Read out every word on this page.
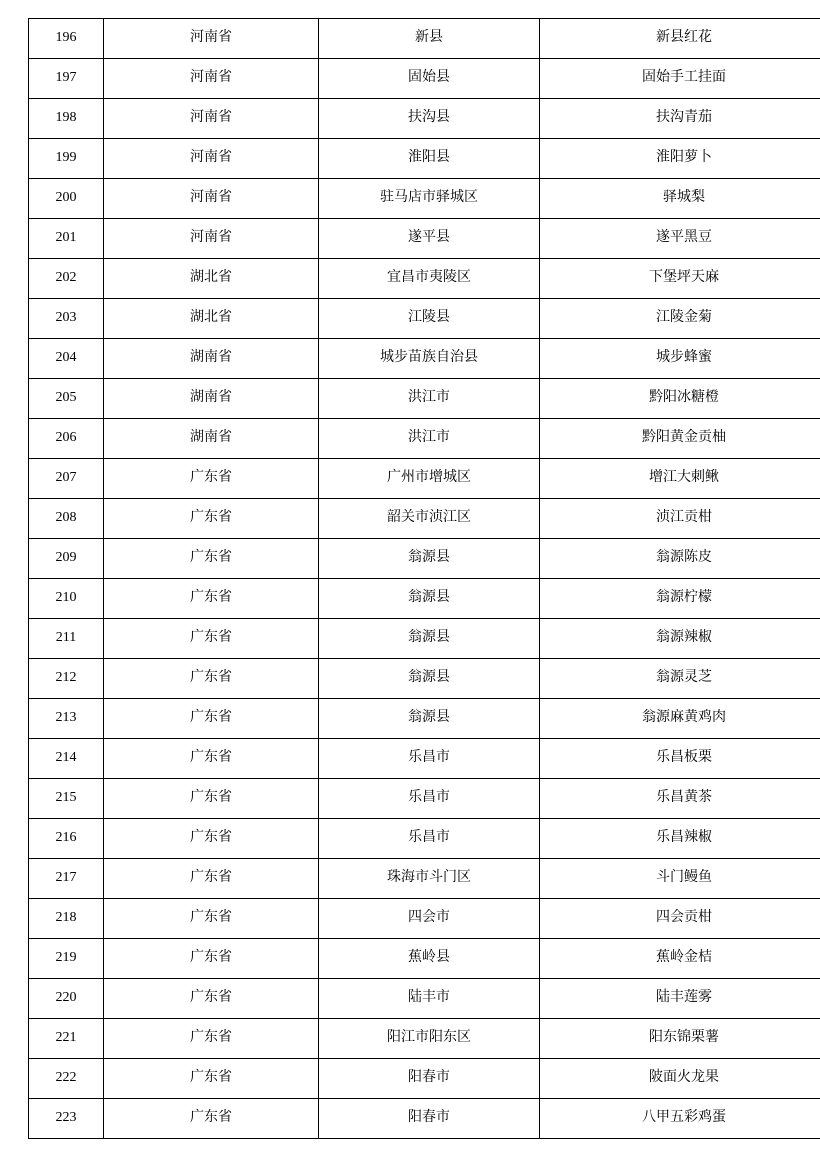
196	河南省	新县	新县红花
197	河南省	固始县	固始手工挂面
198	河南省	扶沟县	扶沟青茄
199	河南省	淮阳县	淮阳萝卜
200	河南省	驻马店市驿城区	驿城梨
201	河南省	遂平县	遂平黑豆
202	湖北省	宜昌市夷陵区	下堡坪天麻
203	湖北省	江陵县	江陵金菊
204	湖南省	城步苗族自治县	城步蜂蜜
205	湖南省	洪江市	黔阳冰糖橙
206	湖南省	洪江市	黔阳黄金贡柚
207	广东省	广州市增城区	增江大刺鳅
208	广东省	韶关市浈江区	浈江贡柑
209	广东省	翁源县	翁源陈皮
210	广东省	翁源县	翁源柠檬
211	广东省	翁源县	翁源辣椒
212	广东省	翁源县	翁源灵芝
213	广东省	翁源县	翁源麻黄鸡肉
214	广东省	乐昌市	乐昌板栗
215	广东省	乐昌市	乐昌黄茶
216	广东省	乐昌市	乐昌辣椒
217	广东省	珠海市斗门区	斗门鳗鱼
218	广东省	四会市	四会贡柑
219	广东省	蕉岭县	蕉岭金桔
220	广东省	陆丰市	陆丰莲雾
221	广东省	阳江市阳东区	阳东锦栗薯
222	广东省	阳春市	陂面火龙果
223	广东省	阳春市	八甲五彩鸡蛋
